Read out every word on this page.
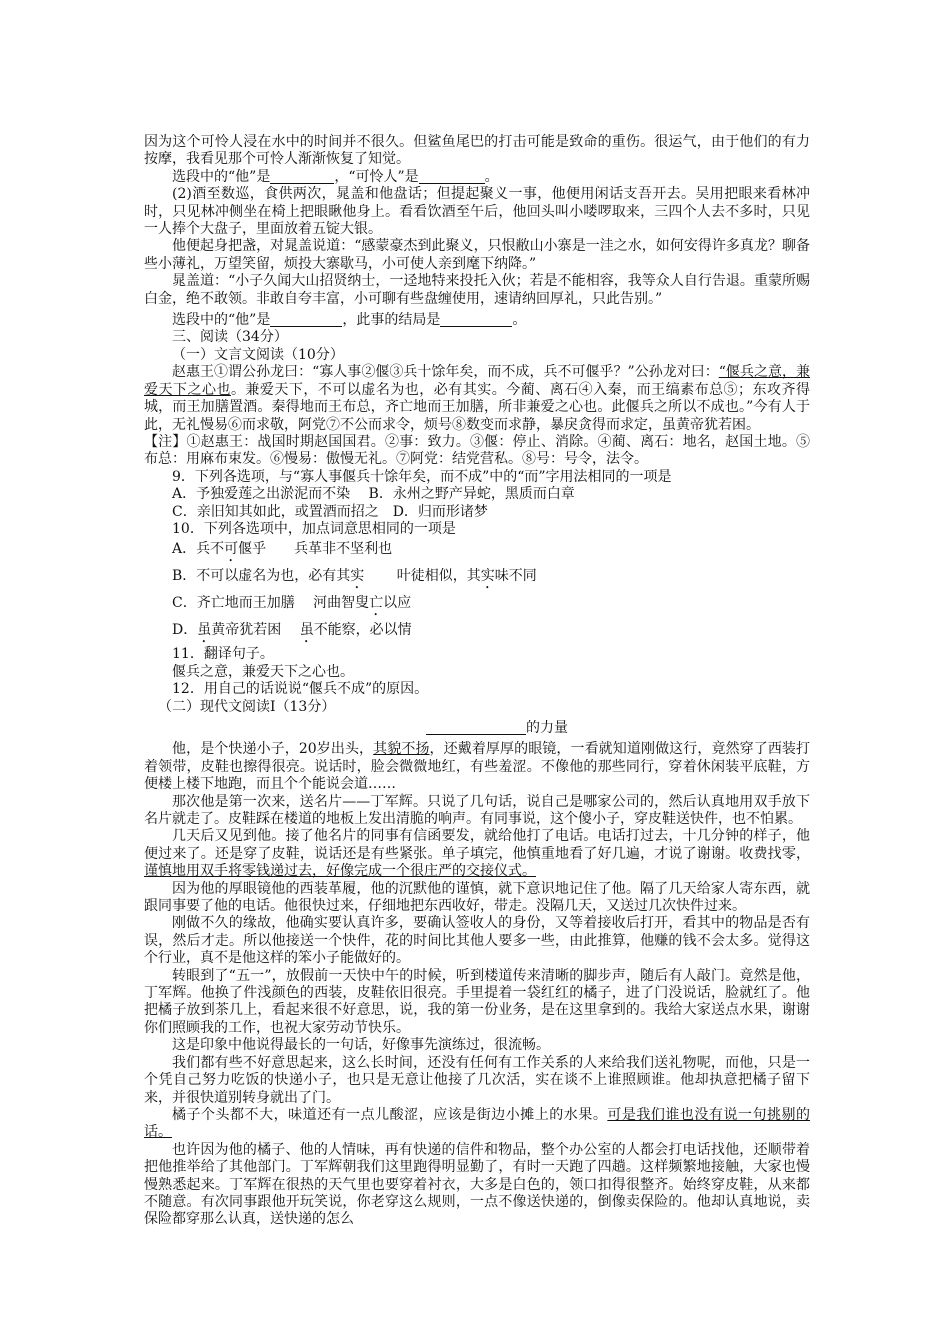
因为这个可怜人浸在水中的时间并不很久。但鲨鱼尾巴的打击可能是致命的重伤。很运气，由于他们的有力按摩，我看见那个可怜人渐渐恢复了知觉。

选段中的“他”是	，“可怜人”是	。

(2)酒至数巡，食供两次，晁盖和他盘话；但提起聚义一事，他便用闲话支吾开去。吴用把眼来看林冲时，只见林冲侧坐在椅上把眼瞅他身上。看看饮酒至午后，他回头叫小喽啰取来，三四个人去不多时，只见一人捧个大盘子，里面放着五锭大银。

他便起身把盏，对晁盖说道：“感蒙豪杰到此聚义，只恨敝山小寨是一洼之水，如何安得许多真龙？聊备些小薄礼，万望笑留，烦投大寨歇马，小可使人亲到麾下纳降。”

晁盖道：“小子久闻大山招贤纳士，一迳地特来投托入伙；若是不能相容，我等众人自行告退。重蒙所赐白金，绝不敢领。非敢自夸丰富，小可聊有些盘缠使用，速请纳回厚礼，只此告别。”

选段中的“他”是	，此事的结局是	。

三、阅读（34分）

（一）文言文阅读（10分）

赵惠王①谓公孙龙曰：“寡人事②偃③兵十馀年矣，而不成，兵不可偃乎？”公孙龙对曰：“偃兵之意，兼爱天下之心也。兼爱天下，不可以虚名为也，必有其实。今蔺、离石④入秦，而王缟素布总⑤；东攻齐得城，而王加膳置酒。秦得地而王布总，齐亡地而王加膳，所非兼爱之心也。此偃兵之所以不成也。”今有人于此，无礼慢易⑥而求敬，阿党⑦不公而求令，烦号⑧数变而求静，暴戾贪得而求定，虽黄帝犹若困。

【注】①赵惠王：战国时期赵国国君。②事：致力。③偃：停止、消除。④蔺、离石：地名，赵国土地。⑤布总：用麻布束发。⑥慢易：傲慢无礼。⑦阿党：结党营私。⑧号：号令，法令。

9．下列各选项，与“寡人事偃兵十馀年矣，而不成”中的“而”字用法相同的一项是

A．予独爱莲之出淤泥而不染　 B．永州之野产异蛇，黑质而白章

C．亲旧知其如此，或置酒而招之　D．归而形诸梦

10．下列各选项中，加点词意思相同的一项是

A．兵不可偃乎　　兵革非不坚利也

B．不可以虚名为也，必有其实　　 叶徒相似，其实味不同

C．齐亡地而王加膳　 河曲智叟亡以应

D．虽黄帝犹若困　 虽不能察，必以情

11．翻译句子。

偃兵之意，兼爱天下之心也。

12．用自己的话说说“偃兵不成”的原因。

（二）现代文阅读Ⅰ（13分）

的力量

他，是个快递小子，20岁出头，其貌不扬，还戴着厚厚的眼镜，一看就知道刚做这行，竟然穿了西装打着领带，皮鞋也擦得很亮。说话时，脸会微微地红，有些羞涩。不像他的那些同行，穿着休闲装平底鞋，方便楼上楼下地跑，而且个个能说会道……

那次他是第一次来，送名片——丁军辉。只说了几句话，说自己是哪家公司的，然后认真地用双手放下名片就走了。皮鞋踩在楼道的地板上发出清脆的响声。有同事说，这个傻小子，穿皮鞋送快件，也不怕累。

几天后又见到他。接了他名片的同事有信函要发，就给他打了电话。电话打过去，十几分钟的样子，他便过来了。还是穿了皮鞋，说话还是有些紧张。单子填完，他慎重地看了好几遍，才说了谢谢。收费找零，谨慎地用双手将零钱递过去，好像完成一个很庄严的交接仪式。

因为他的厚眼镜他的西装革履，他的沉默他的谨慎，就下意识地记住了他。隔了几天给家人寄东西，就跟同事要了他的电话。他很快过来，仔细地把东西收好，带走。没隔几天，又送过几次快件过来。

刚做不久的缘故，他确实要认真许多，要确认签收人的身份，又等着接收后打开，看其中的物品是否有误，然后才走。所以他接送一个快件，花的时间比其他人要多一些，由此推算，他赚的钱不会太多。觉得这个行业，真不是他这样的笨小子能做好的。

转眼到了“五一”，放假前一天快中午的时候，听到楼道传来清晰的脚步声，随后有人敲门。竟然是他，丁军辉。他换了件浅颜色的西装，皮鞋依旧很亮。手里提着一袋红红的橘子，进了门没说话，脸就红了。他把橘子放到茶几上，看起来很不好意思，说，我的第一份业务，是在这里拿到的。我给大家送点水果，谢谢你们照顾我的工作，也祝大家劳动节快乐。

这是印象中他说得最长的一句话，好像事先演练过，很流畅。

我们都有些不好意思起来，这么长时间，还没有任何有工作关系的人来给我们送礼物呢，而他，只是一个凭自己努力吃饭的快递小子，也只是无意让他接了几次活，实在谈不上谁照顾谁。他却执意把橘子留下来，并很快道别转身就出了门。

橘子个头都不大，味道还有一点儿酸涩，应该是街边小摊上的水果。可是我们谁也没有说一句挑剔的话。

也许因为他的橘子、他的人情味，再有快递的信件和物品，整个办公室的人都会打电话找他，还顺带着把他推举给了其他部门。丁军辉朝我们这里跑得明显勤了，有时一天跑了四趟。这样频繁地接触，大家也慢慢熟悉起来。丁军辉在很热的天气里也要穿着衬衣，大多是白色的，领口扣得很整齐。始终穿皮鞋，从来都不随意。有次同事跟他开玩笑说，你老穿这么规则，一点不像送快递的，倒像卖保险的。他却认真地说，卖保险都穿那么认真，送快递的怎么
